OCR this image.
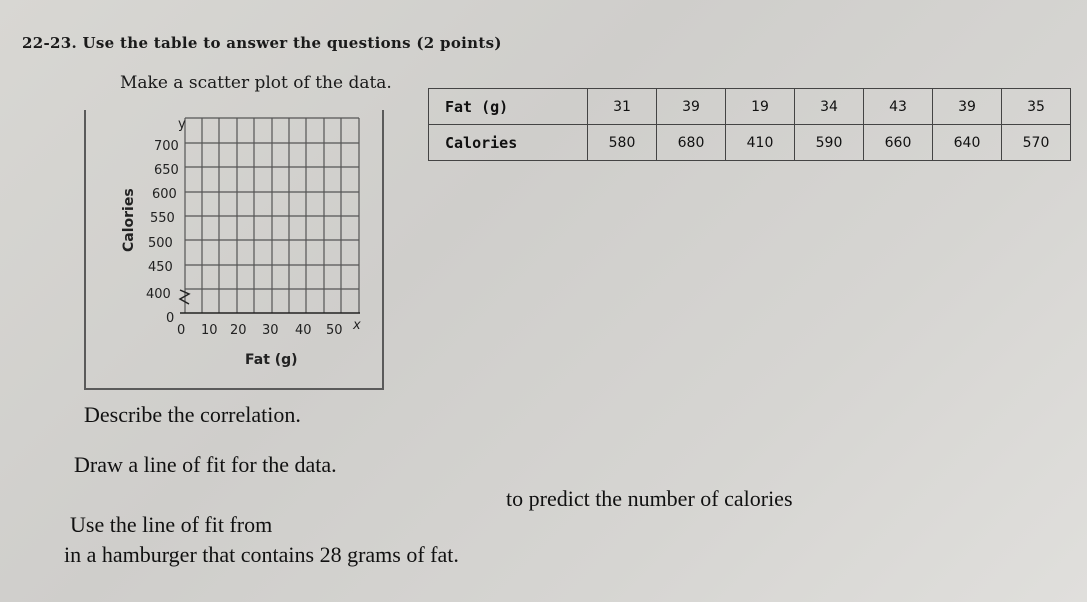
22-23. Use the table to answer the questions (2 points)
Make a scatter plot of the data.
y
700
650
600
550
500
450
400
0
0 10 20 30 40 50 x
Fat (g)
Calories
Fat (g)	31	39	19	34	43	39	35
Calories	580	680	410	590	660	640	570
Describe the correlation.
Draw a line of fit for the data.
Use the line of fit from
to predict the number of calories
in a hamburger that contains 28 grams of fat.
